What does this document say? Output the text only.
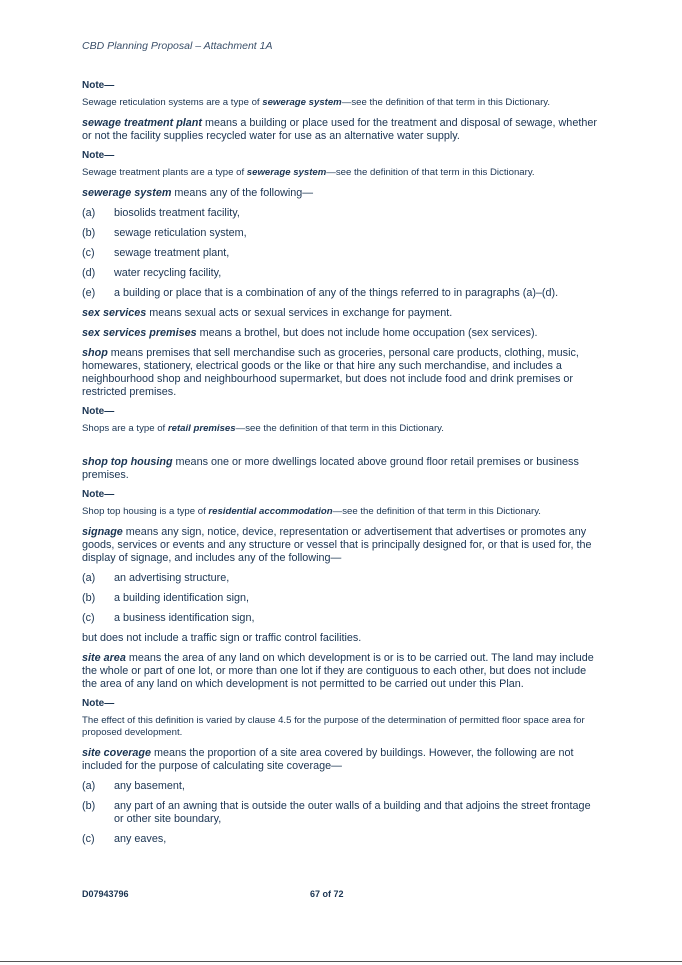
CBD Planning Proposal – Attachment 1A
Note—
Sewage reticulation systems are a type of sewerage system—see the definition of that term in this Dictionary.
sewage treatment plant means a building or place used for the treatment and disposal of sewage, whether or not the facility supplies recycled water for use as an alternative water supply.
Note—
Sewage treatment plants are a type of sewerage system—see the definition of that term in this Dictionary.
sewerage system means any of the following—
(a)	biosolids treatment facility,
(b)	sewage reticulation system,
(c)	sewage treatment plant,
(d)	water recycling facility,
(e)	a building or place that is a combination of any of the things referred to in paragraphs (a)–(d).
sex services means sexual acts or sexual services in exchange for payment.
sex services premises means a brothel, but does not include home occupation (sex services).
shop means premises that sell merchandise such as groceries, personal care products, clothing, music, homewares, stationery, electrical goods or the like or that hire any such merchandise, and includes a neighbourhood shop and neighbourhood supermarket, but does not include food and drink premises or restricted premises.
Note—
Shops are a type of retail premises—see the definition of that term in this Dictionary.
shop top housing means one or more dwellings located above ground floor retail premises or business premises.
Note—
Shop top housing is a type of residential accommodation—see the definition of that term in this Dictionary.
signage means any sign, notice, device, representation or advertisement that advertises or promotes any goods, services or events and any structure or vessel that is principally designed for, or that is used for, the display of signage, and includes any of the following—
(a)	an advertising structure,
(b)	a building identification sign,
(c)	a business identification sign,
but does not include a traffic sign or traffic control facilities.
site area means the area of any land on which development is or is to be carried out. The land may include the whole or part of one lot, or more than one lot if they are contiguous to each other, but does not include the area of any land on which development is not permitted to be carried out under this Plan.
Note—
The effect of this definition is varied by clause 4.5 for the purpose of the determination of permitted floor space area for proposed development.
site coverage means the proportion of a site area covered by buildings. However, the following are not included for the purpose of calculating site coverage—
(a)	any basement,
(b)	any part of an awning that is outside the outer walls of a building and that adjoins the street frontage or other site boundary,
(c)	any eaves,
D07943796	67 of 72
